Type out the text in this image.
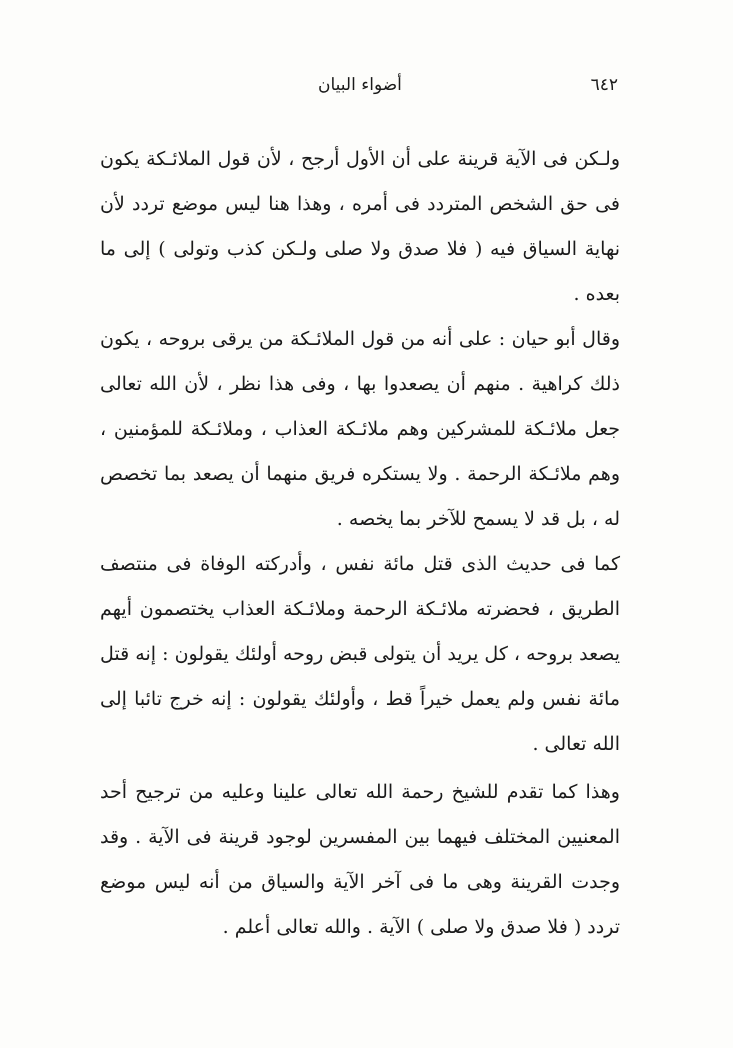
٦٤٢
أضواء البيان

ولـكن فى الآية قرينة على أن الأول أرجح ، لأن قول الملائـكة يكون فى حق الشخص المتردد فى أمره ، وهذا هنا ليس موضع تردد لأن نهاية السياق فيه ( فلا صدق ولا صلى ولـكن كذب وتولى ) إلى ما بعده .

وقال أبو حيان : على أنه من قول الملائـكة من يرقى بروحه ، يكون ذلك كراهية . منهم أن يصعدوا بها ، وفى هذا نظر ، لأن الله تعالى جعل ملائـكة للمشركين وهم ملائـكة العذاب ، وملائـكة للمؤمنين ، وهم ملائـكة الرحمة . ولا يستكره فريق منهما أن يصعد بما تخصص له ، بل قد لا يسمح للآخر بما يخصه .

كما فى حديث الذى قتل مائة نفس ، وأدركته الوفاة فى منتصف الطريق ، فحضرته ملائـكة الرحمة وملائـكة العذاب يختصمون أيهم يصعد بروحه ، كل يريد أن يتولى قبض روحه أولئك يقولون : إنه قتل مائة نفس ولم يعمل خيراً قط ، وأولئك يقولون : إنه خرج تائبا إلى الله تعالى .

وهذا كما تقدم للشيخ رحمة الله تعالى علينا وعليه من ترجيح أحد المعنيين المختلف فيهما بين المفسرين لوجود قرينة فى الآية . وقد وجدت القرينة وهى ما فى آخر الآية والسياق من أنه ليس موضع تردد ( فلا صدق ولا صلى ) الآية . والله تعالى أعلم .
